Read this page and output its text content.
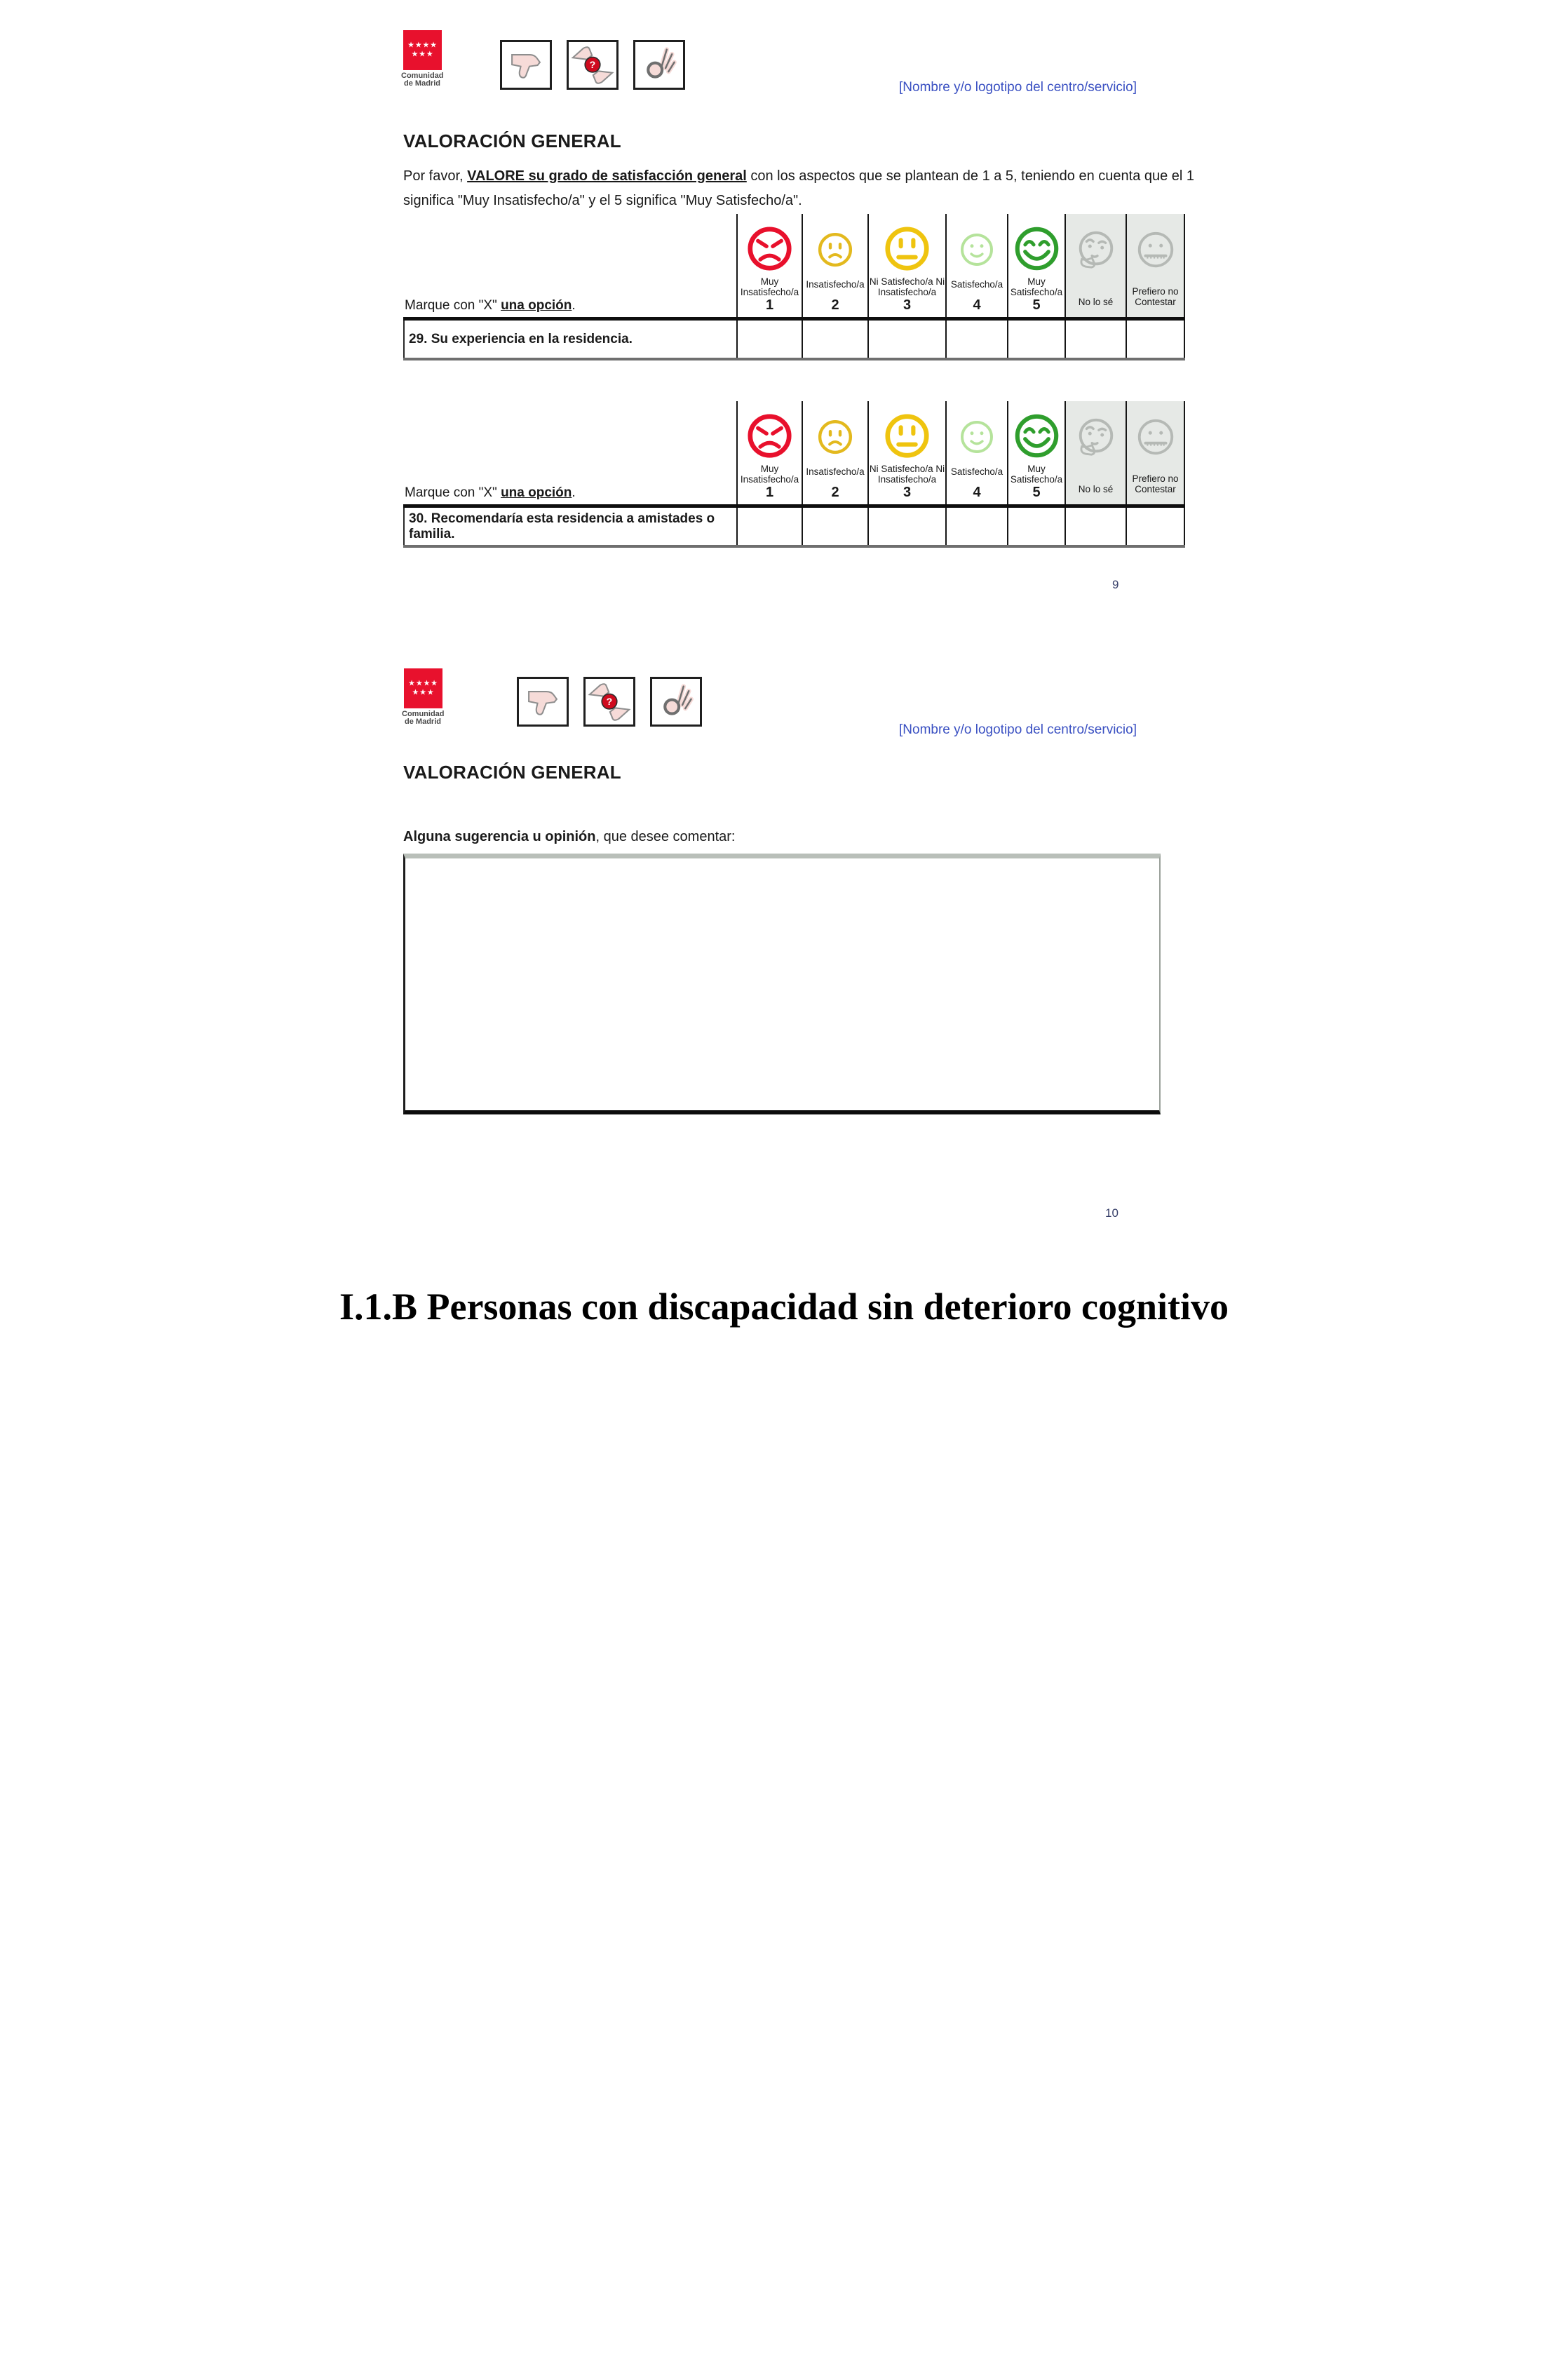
★★★★
★★★
Comunidad
de Madrid
?
[Nombre y/o logotipo del centro/servicio]
VALORACIÓN GENERAL
Por favor, VALORE su grado de satisfacción general con los aspectos que se plantean de 1 a 5, teniendo en cuenta que el 1
significa "Muy Insatisfecho/a" y el 5 significa "Muy Satisfecho/a".
Marque con "X" una opción.
Muy Insatisfecho/a
1
Insatisfecho/a
2
Ni Satisfecho/a Ni Insatisfecho/a
3
Satisfecho/a
4
Muy Satisfecho/a
5	No lo sé
Prefiero no Contestar
29. Su experiencia en la residencia.
Marque con "X" una opción.
Muy Insatisfecho/a
1
Insatisfecho/a
2
Ni Satisfecho/a Ni Insatisfecho/a
3
Satisfecho/a
4
Muy Satisfecho/a
5	No lo sé
Prefiero no Contestar
30. Recomendaría esta residencia a amistades o familia.
9
★★★★
★★★
Comunidad
de Madrid
?
[Nombre y/o logotipo del centro/servicio]
VALORACIÓN GENERAL
Alguna sugerencia u opinión, que desee comentar:
10
I.1.B Personas con discapacidad sin deterioro cognitivo
